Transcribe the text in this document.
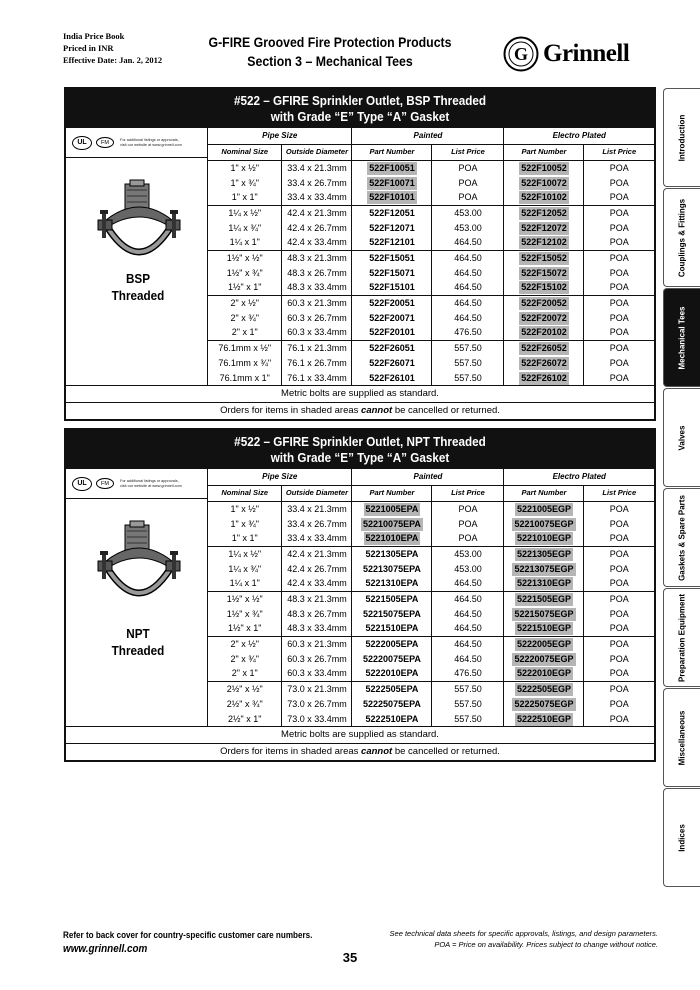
India Price Book
Priced in INR
Effective Date: Jan. 2, 2012
G-FIRE Grooved Fire Protection Products
Section 3 – Mechanical Tees	G Grinnell
Introduction
Couplings & Fittings
Mechanical Tees
Valves
Gaskets & Spare Parts
Preparation Equipment
Miscellaneous
Indices
#522 – GFIRE Sprinkler Outlet, BSP Threaded
with Grade “E” Type “A” Gasket
UL	FM	For additional listings or approvals,
visit our website at www.grinnell.com
BSP
Threaded
Pipe Size		Painted		Electro Plated	
Nominal Size	Outside Diameter	Part Number	List Price	Part Number	List Price
1" x ½"	33.4 x 21.3mm	522F10051	POA	522F10052	POA
1" x ¾"	33.4 x 26.7mm	522F10071	POA	522F10072	POA
1" x 1"	33.4 x 33.4mm	522F10101	POA	522F10102	POA
1¼ x ½"	42.4 x 21.3mm	522F12051	453.00	522F12052	POA
1¼ x ¾"	42.4 x 26.7mm	522F12071	453.00	522F12072	POA
1¼ x 1"	42.4 x 33.4mm	522F12101	464.50	522F12102	POA
1½" x ½"	48.3 x 21.3mm	522F15051	464.50	522F15052	POA
1½" x ¾"	48.3 x 26.7mm	522F15071	464.50	522F15072	POA
1½" x 1"	48.3 x 33.4mm	522F15101	464.50	522F15102	POA
2" x ½"	60.3 x 21.3mm	522F20051	464.50	522F20052	POA
2" x ¾"	60.3 x 26.7mm	522F20071	464.50	522F20072	POA
2" x 1"	60.3 x 33.4mm	522F20101	476.50	522F20102	POA
76.1mm x ½"	76.1 x 21.3mm	522F26051	557.50	522F26052	POA
76.1mm x ¾"	76.1 x 26.7mm	522F26071	557.50	522F26072	POA
76.1mm x 1"	76.1 x 33.4mm	522F26101	557.50	522F26102	POA
Metric bolts are supplied as standard.
Orders for items in shaded areas cannot be cancelled or returned.
#522 – GFIRE Sprinkler Outlet, NPT Threaded
with Grade “E” Type “A” Gasket
UL	FM	For additional listings or approvals,
visit our website at www.grinnell.com
NPT
Threaded
Pipe Size		Painted		Electro Plated	
Nominal Size	Outside Diameter	Part Number	List Price	Part Number	List Price
1" x ½"	33.4 x 21.3mm	5221005EPA	POA	5221005EGP	POA
1" x ¾"	33.4 x 26.7mm	52210075EPA	POA	52210075EGP	POA
1" x 1"	33.4 x 33.4mm	5221010EPA	POA	5221010EGP	POA
1¼ x ½"	42.4 x 21.3mm	5221305EPA	453.00	5221305EGP	POA
1¼ x ¾"	42.4 x 26.7mm	52213075EPA	453.00	52213075EGP	POA
1¼ x 1"	42.4 x 33.4mm	5221310EPA	464.50	5221310EGP	POA
1½" x ½"	48.3 x 21.3mm	5221505EPA	464.50	5221505EGP	POA
1½" x ¾"	48.3 x 26.7mm	52215075EPA	464.50	52215075EGP	POA
1½" x 1"	48.3 x 33.4mm	5221510EPA	464.50	5221510EGP	POA
2" x ½"	60.3 x 21.3mm	5222005EPA	464.50	5222005EGP	POA
2" x ¾"	60.3 x 26.7mm	52220075EPA	464.50	52220075EGP	POA
2" x 1"	60.3 x 33.4mm	5222010EPA	476.50	5222010EGP	POA
2½" x ½"	73.0 x 21.3mm	5222505EPA	557.50	5222505EGP	POA
2½" x ¾"	73.0 x 26.7mm	52225075EPA	557.50	52225075EGP	POA
2½" x 1"	73.0 x 33.4mm	5222510EPA	557.50	5222510EGP	POA
Metric bolts are supplied as standard.
Orders for items in shaded areas cannot be cancelled or returned.
Refer to back cover for country-specific customer care numbers.
www.grinnell.com
See technical data sheets for specific approvals, listings, and design parameters.
POA = Price on availability. Prices subject to change without notice.
35
